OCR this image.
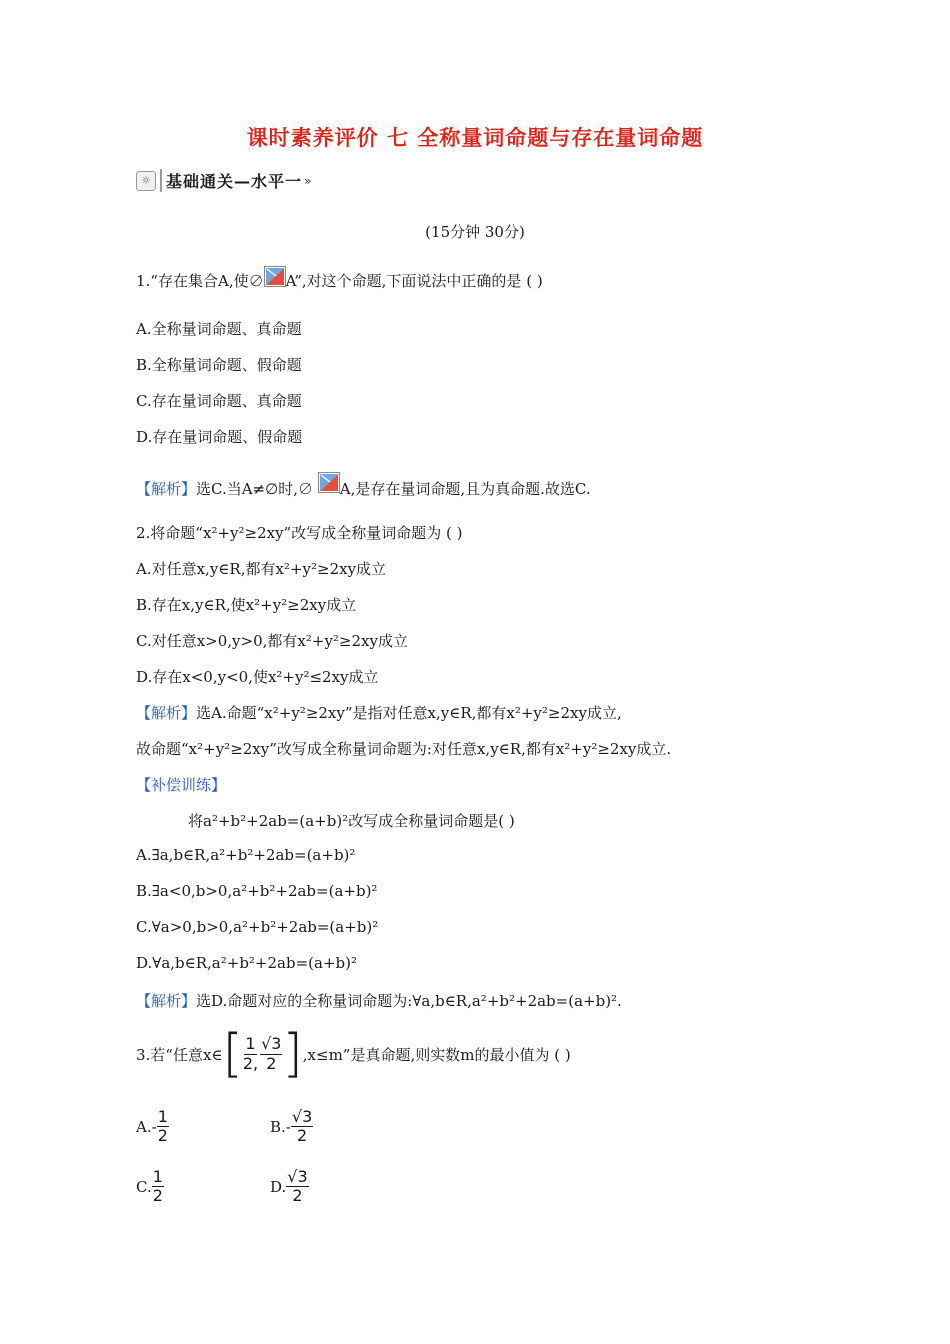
课时素养评价 七 全称量词命题与存在量词命题
☼ 基础通关—水平一 »
(15分钟 30分)
1.“存在集合A,使∅ A”,对这个命题,下面说法中正确的是 ( )
A.全称量词命题、真命题
B.全称量词命题、假命题
C.存在量词命题、真命题
D.存在量词命题、假命题
【解析】选C.当A≠∅时,∅
A,是存在量词命题,且为真命题.故选C.
2.将命题“x²+y²≥2xy”改写成全称量词命题为 ( )
A.对任意x,y∈R,都有x²+y²≥2xy成立
B.存在x,y∈R,使x²+y²≥2xy成立
C.对任意x>0,y>0,都有x²+y²≥2xy成立
D.存在x<0,y<0,使x²+y²≤2xy成立
【解析】选A.命题“x²+y²≥2xy”是指对任意x,y∈R,都有x²+y²≥2xy成立,
故命题“x²+y²≥2xy”改写成全称量词命题为:对任意x,y∈R,都有x²+y²≥2xy成立.
【补偿训练】
将a²+b²+2ab=(a+b)²改写成全称量词命题是( )
A.∃a,b∈R,a²+b²+2ab=(a+b)²
B.∃a<0,b>0,a²+b²+2ab=(a+b)²
C.∀a>0,b>0,a²+b²+2ab=(a+b)²
D.∀a,b∈R,a²+b²+2ab=(a+b)²
【解析】选D.命题对应的全称量词命题为:∀a,b∈R,a²+b²+2ab=(a+b)².
3.若“任意x∈ [ $\frac{1}{2,} \frac{√3}{2}$ ] ,x≤m”是真命题,则实数m的最小值为 ( )
A. - $\frac{1}{2}$	B. - $\frac{√3}{2}$
C. $\frac{1}{2}$	D. $\frac{√3}{2}$
